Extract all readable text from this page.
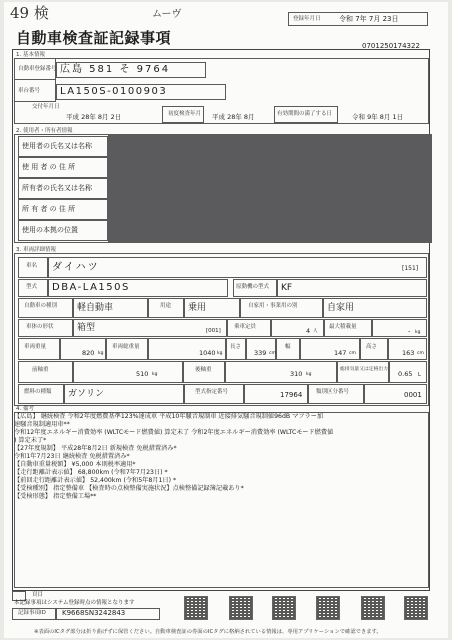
49 検	ムーヴ	登録年月日	令和 7年 7月 23日
自動車検査証記録事項	0701250174322
1. 基本情報
自動車登録番号 広島 581 そ 9764
車台番号 LA150S-0100903
交付年月日
平成 28年 8月 2日	初度検査年月 平成 28年 8月	有効期間の満了する日	令和 9年 8月 1日
2. 使用者・所有者情報
使用者の氏名又は名称
使 用 者 の 住 所
所有者の氏名又は名称
所 有 者 の 住 所
使用の本拠の位置
3. 車両詳細情報
車名 ダイハツ	[151]
型式 DBA-LA150S	原動機の型式 KF
自動車の種別 軽自動車	用途 乗用	自家用・事業用の別	自家用
車体の形状	箱型	[001]
乗車定員	4 人
最大積載量	- kg
車両重量
820 kg
車両総重量
1040 kg
長さ
339 cm
幅
147 cm
高さ
163 cm
前軸重	510 kg
後軸重	310 kg
総排気量又は定格出力
0.65 L
燃料の種類 ガソリン	型式指定番号	17964 類別区分番号	0001
4. 備考
【広島】 継続検査 令和2年度燃費基準123%達成車 平成10年騒音規制車 近接排気騒音規制値96dB マフラー加
速騒音規制適用車**
令和12年度エネルギー消費効率 (WLTCモード燃費値) 算定未了 令和2年度エネルギー消費効率 (WLTCモード燃費値
) 算定未了*
【27年度規制】 平成28年8月2日 新規検査 免税措置済み*
令和1年7月23日 継続検査 免税措置済み*
【自動車重量税額】 ¥5,000 本則税率適用*
【走行距離計表示値】 68,800km (令和7年7月23日) *
【前回走行距離計表示値】 52,400km (令和5年8月1日) *
【受検種別】 指定整備車 【検査時の点検整備実施状況】点検整備記録簿記載あり*
【受検形態】 指定整備工場**
頁目
本記録事項はシステム登録時点の情報となります
記録事項ID K9668SN3242843
※表面のICタグ部分は折り曲げずに保管ください。自動車検査証の券面のICタグに格納されている情報は、専用アプリケーションで確認できます。
